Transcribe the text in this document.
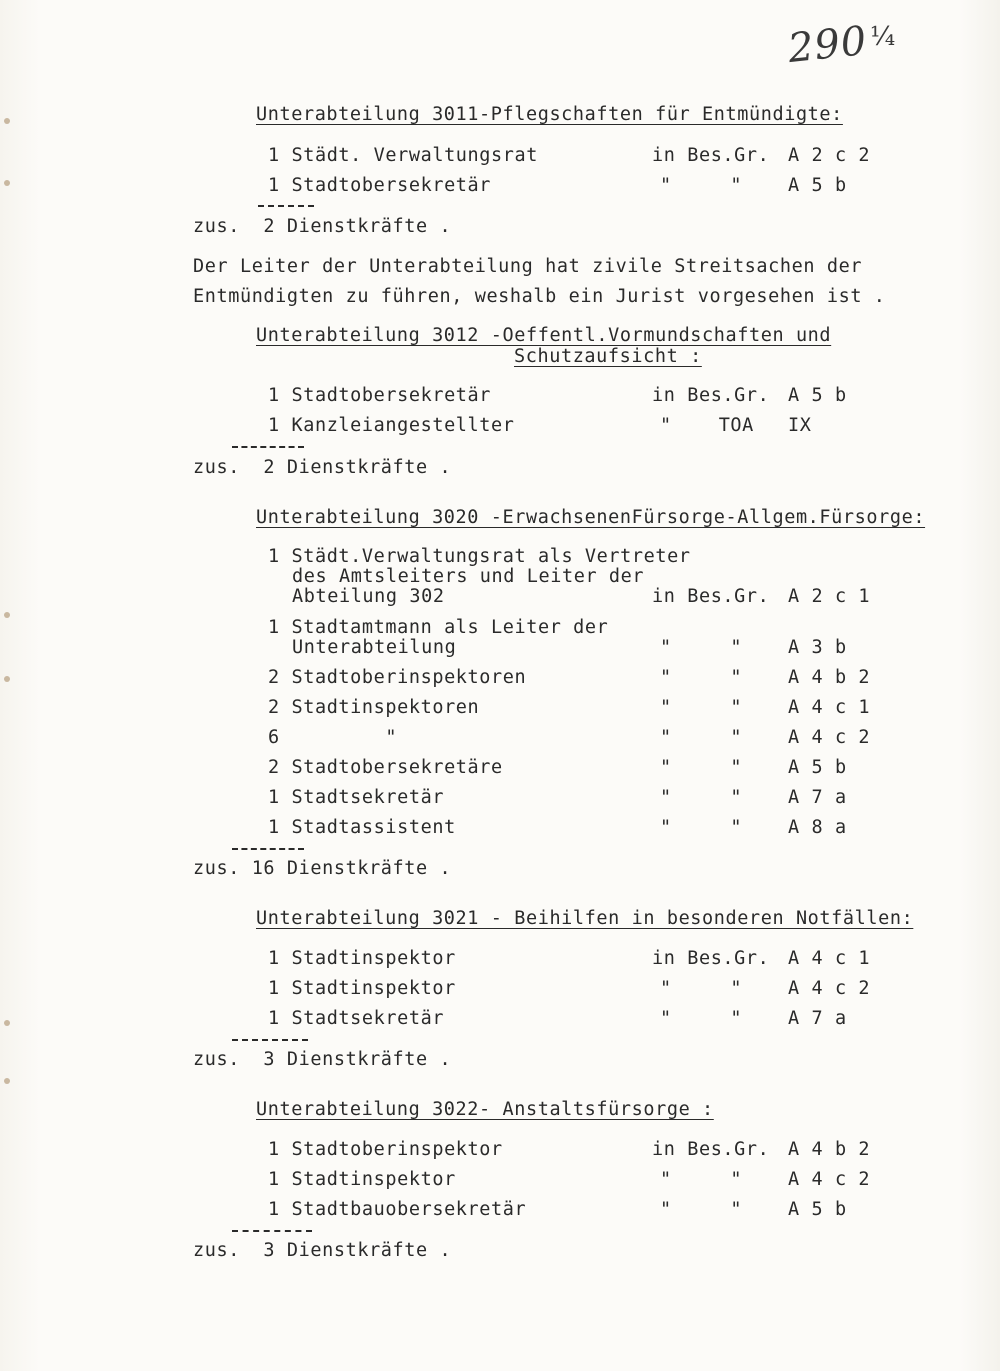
290 ¼
Unterabteilung 3011-Pflegschaften für Entmündigte:
1 Städt. Verwaltungsrat	in Bes.Gr. A 2 c 2
1 Stadtobersekretär	"     " A 5 b
zus.  2 Dienstkräfte .
Der Leiter der Unterabteilung hat zivile Streitsachen der
Entmündigten zu führen, weshalb ein Jurist vorgesehen ist .
Unterabteilung 3012 -Oeffentl.Vormundschaften und
Schutzaufsicht :
1 Stadtobersekretär	in Bes.Gr. A 5 b
1 Kanzleiangestellter	"    TOA IX
zus.  2 Dienstkräfte .
Unterabteilung 3020 -ErwachsenenFürsorge-Allgem.Fürsorge:
1 Städt.Verwaltungsrat als Vertreter
des Amtsleiters und Leiter der
Abteilung 302	in Bes.Gr. A 2 c 1
1 Stadtamtmann als Leiter der
Unterabteilung	"     " A 3 b
2 Stadtoberinspektoren	"     " A 4 b 2
2 Stadtinspektoren	"     " A 4 c 1
6         "	"     " A 4 c 2
2 Stadtobersekretäre	"     " A 5 b
1 Stadtsekretär	"     " A 7 a
1 Stadtassistent	"     " A 8 a
zus. 16 Dienstkräfte .
Unterabteilung 3021 - Beihilfen in besonderen Notfällen:
1 Stadtinspektor	in Bes.Gr. A 4 c 1
1 Stadtinspektor	"     " A 4 c 2
1 Stadtsekretär	"     " A 7 a
zus.  3 Dienstkräfte .
Unterabteilung 3022- Anstaltsfürsorge :
1 Stadtoberinspektor	in Bes.Gr. A 4 b 2
1 Stadtinspektor	"     " A 4 c 2
1 Stadtbauobersekretär	"     " A 5 b
zus.  3 Dienstkräfte .
